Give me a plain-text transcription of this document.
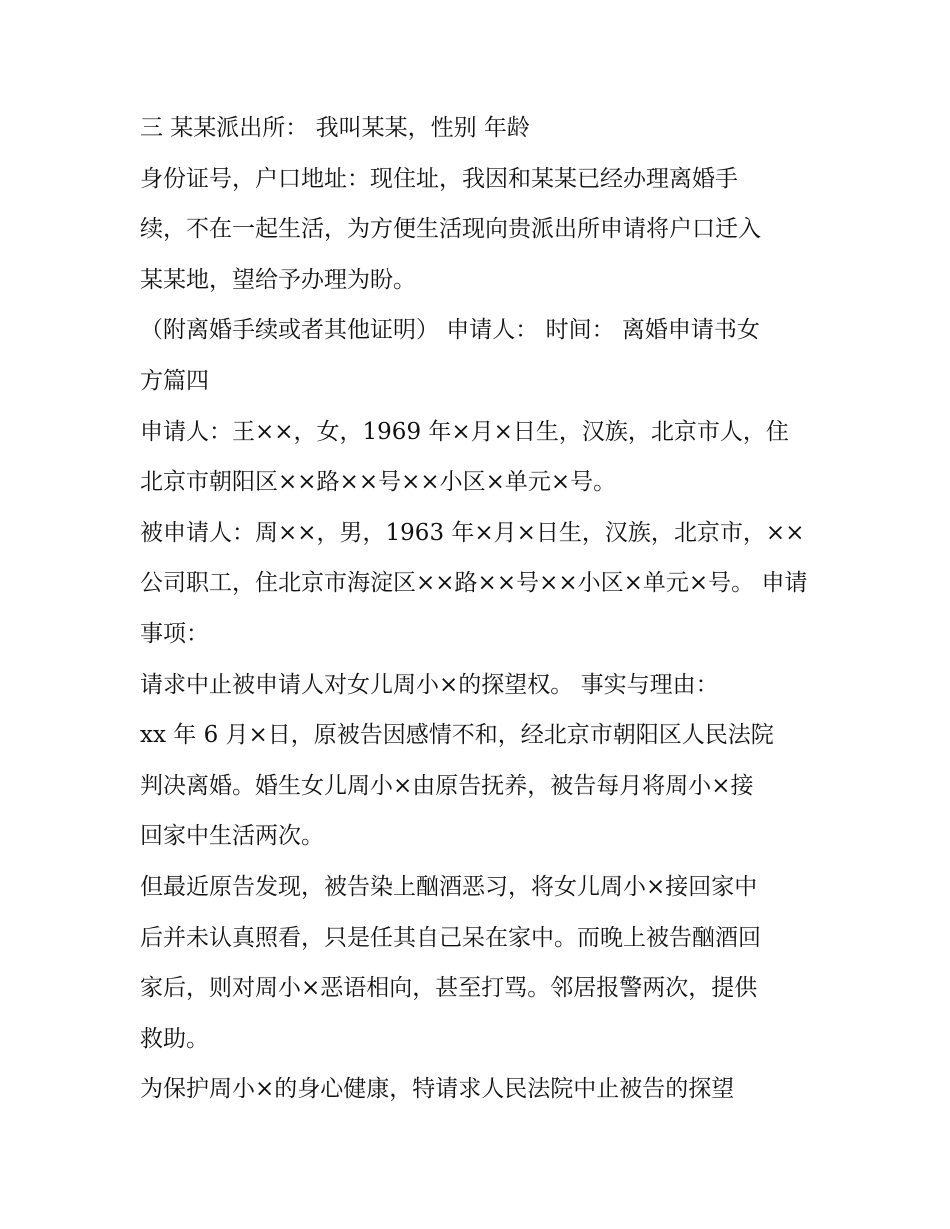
三 某某派出所： 我叫某某，性别 年龄

身份证号，户口地址：现住址，我因和某某已经办理离婚手

续，不在一起生活，为方便生活现向贵派出所申请将户口迁入

某某地，望给予办理为盼。

（附离婚手续或者其他证明） 申请人： 时间： 离婚申请书女

方篇四

申请人：王××，女，1969 年×月×日生，汉族，北京市人，住

北京市朝阳区××路××号××小区×单元×号。

被申请人：周××，男，1963 年×月×日生，汉族，北京市，××

公司职工，住北京市海淀区××路××号××小区×单元×号。 申请

事项：

请求中止被申请人对女儿周小×的探望权。 事实与理由：

xx 年 6 月×日，原被告因感情不和，经北京市朝阳区人民法院

判决离婚。婚生女儿周小×由原告抚养，被告每月将周小×接

回家中生活两次。

但最近原告发现，被告染上酗酒恶习，将女儿周小×接回家中

后并未认真照看，只是任其自己呆在家中。而晚上被告酗酒回

家后，则对周小×恶语相向，甚至打骂。邻居报警两次，提供

救助。

为保护周小×的身心健康，特请求人民法院中止被告的探望
